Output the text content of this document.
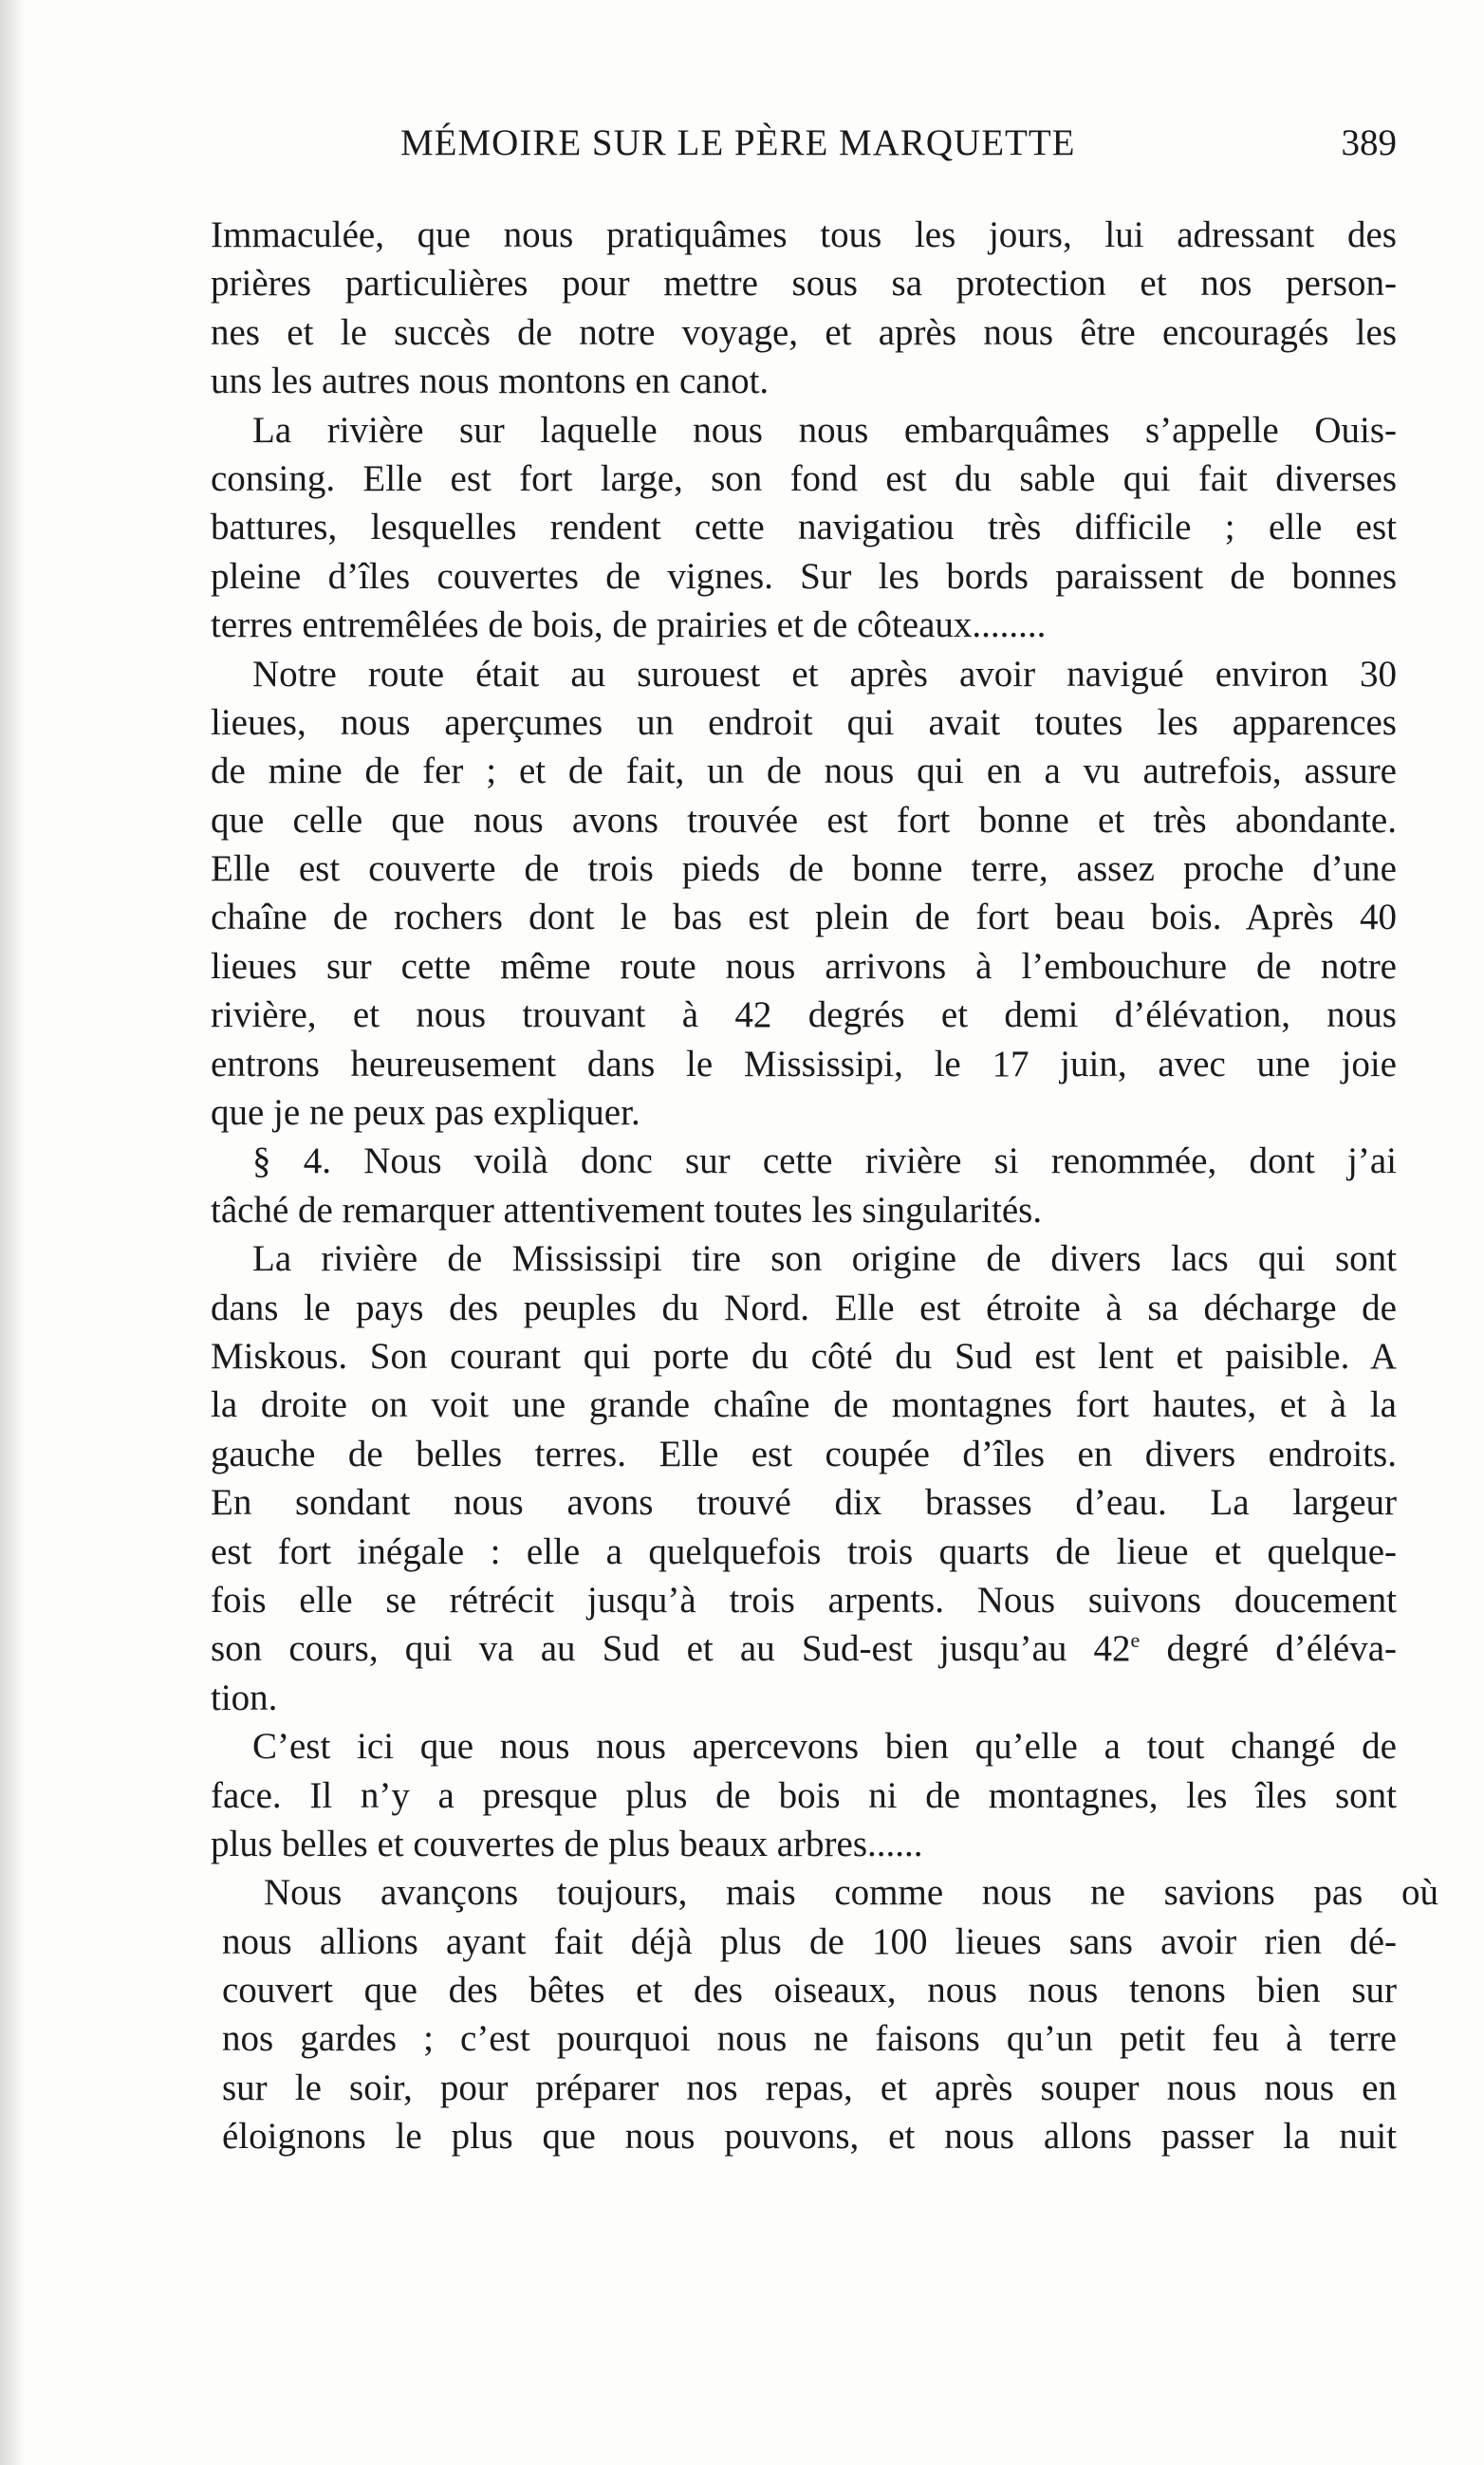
MÉMOIRE SUR LE PÈRE MARQUETTE	389
Immaculée, que nous pratiquâmes tous les jours, lui adressant des
prières particulières pour mettre sous sa protection et nos person-
nes et le succès de notre voyage, et après nous être encouragés les
uns les autres nous montons en canot.
La rivière sur laquelle nous nous embarquâmes s’appelle Ouis-
consing. Elle est fort large, son fond est du sable qui fait diverses
battures, lesquelles rendent cette navigatiou très difficile ; elle est
pleine d’îles couvertes de vignes. Sur les bords paraissent de bonnes
terres entremêlées de bois, de prairies et de côteaux........
Notre route était au surouest et après avoir navigué environ 30
lieues, nous aperçumes un endroit qui avait toutes les apparences
de mine de fer ; et de fait, un de nous qui en a vu autrefois, assure
que celle que nous avons trouvée est fort bonne et très abondante.
Elle est couverte de trois pieds de bonne terre, assez proche d’une
chaîne de rochers dont le bas est plein de fort beau bois. Après 40
lieues sur cette même route nous arrivons à l’embouchure de notre
rivière, et nous trouvant à 42 degrés et demi d’élévation, nous
entrons heureusement dans le Mississipi, le 17 juin, avec une joie
que je ne peux pas expliquer.
§ 4. Nous voilà donc sur cette rivière si renommée, dont j’ai
tâché de remarquer attentivement toutes les singularités.
La rivière de Mississipi tire son origine de divers lacs qui sont
dans le pays des peuples du Nord. Elle est étroite à sa décharge de
Miskous. Son courant qui porte du côté du Sud est lent et paisible. A
la droite on voit une grande chaîne de montagnes fort hautes, et à la
gauche de belles terres. Elle est coupée d’îles en divers endroits.
En sondant nous avons trouvé dix brasses d’eau. La largeur
est fort inégale : elle a quelquefois trois quarts de lieue et quelque-
fois elle se rétrécit jusqu’à trois arpents. Nous suivons doucement
son cours, qui va au Sud et au Sud-est jusqu’au 42e degré d’éléva-
tion.
C’est ici que nous nous apercevons bien qu’elle a tout changé de
face. Il n’y a presque plus de bois ni de montagnes, les îles sont
plus belles et couvertes de plus beaux arbres......
Nous avançons toujours, mais comme nous ne savions pas où
nous allions ayant fait déjà plus de 100 lieues sans avoir rien dé-
couvert que des bêtes et des oiseaux, nous nous tenons bien sur
nos gardes ; c’est pourquoi nous ne faisons qu’un petit feu à terre
sur le soir, pour préparer nos repas, et après souper nous nous en
éloignons le plus que nous pouvons, et nous allons passer la nuit
